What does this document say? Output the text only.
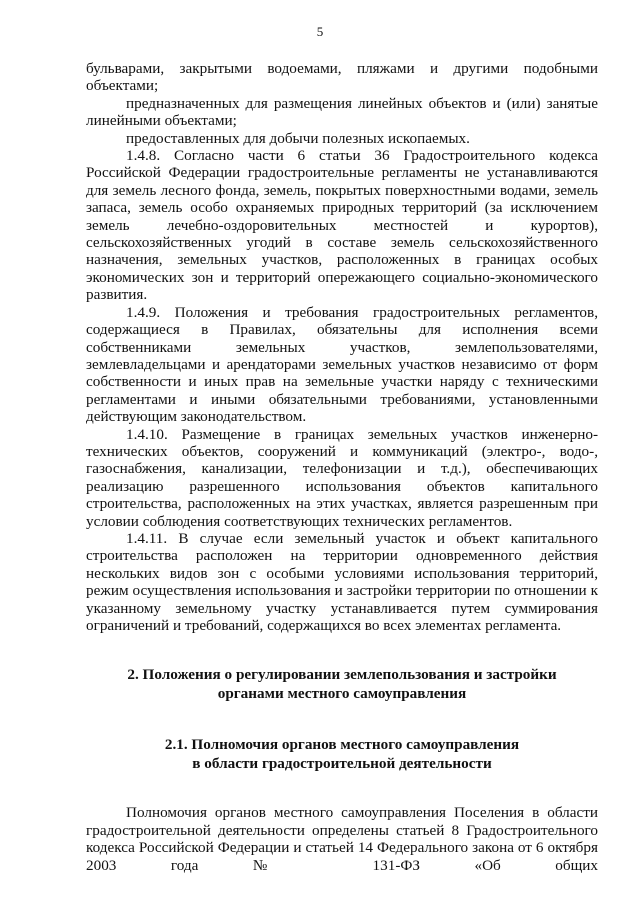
5

бульварами, закрытыми водоемами, пляжами и другими подобными объектами;

предназначенных для размещения линейных объектов и (или) занятые линейными объектами;

предоставленных для добычи полезных ископаемых.

1.4.8. Согласно части 6 статьи 36 Градостроительного кодекса Российской Федерации градостроительные регламенты не устанавливаются для земель лесного фонда, земель, покрытых поверхностными водами, земель запаса, земель особо охраняемых природных территорий (за исключением земель лечебно-оздоровительных местностей и курортов), сельскохозяйственных угодий в составе земель сельскохозяйственного назначения, земельных участков, расположенных в границах особых экономических зон и территорий опережающего социально-экономического развития.

1.4.9. Положения и требования градостроительных регламентов, содержащиеся в Правилах, обязательны для исполнения всеми собственниками земельных участков, землепользователями, землевладельцами и арендаторами земельных участков независимо от форм собственности и иных прав на земельные участки наряду с техническими регламентами и иными обязательными требованиями, установленными действующим законодательством.

1.4.10. Размещение в границах земельных участков инженерно-технических объектов, сооружений и коммуникаций (электро-, водо-, газоснабжения, канализации, телефонизации и т.д.), обеспечивающих реализацию разрешенного использования объектов капитального строительства, расположенных на этих участках, является разрешенным при условии соблюдения соответствующих технических регламентов.

1.4.11. В случае если земельный участок и объект капитального строительства расположен на территории одновременного действия нескольких видов зон с особыми условиями использования территорий, режим осуществления использования и застройки территории по отношении к указанному земельному участку устанавливается путем суммирования ограничений и требований, содержащихся во всех элементах регламента.

2. Положения о регулировании землепользования и застройки
органами местного самоуправления
2.1. Полномочия органов местного самоуправления
в области градостроительной деятельности

Полномочия органов местного самоуправления Поселения в области градостроительной деятельности определены статьей 8 Градостроительного кодекса Российской Федерации и статьей 14 Федерального закона от 6 октября 2003 года № 131-ФЗ «Об общих
